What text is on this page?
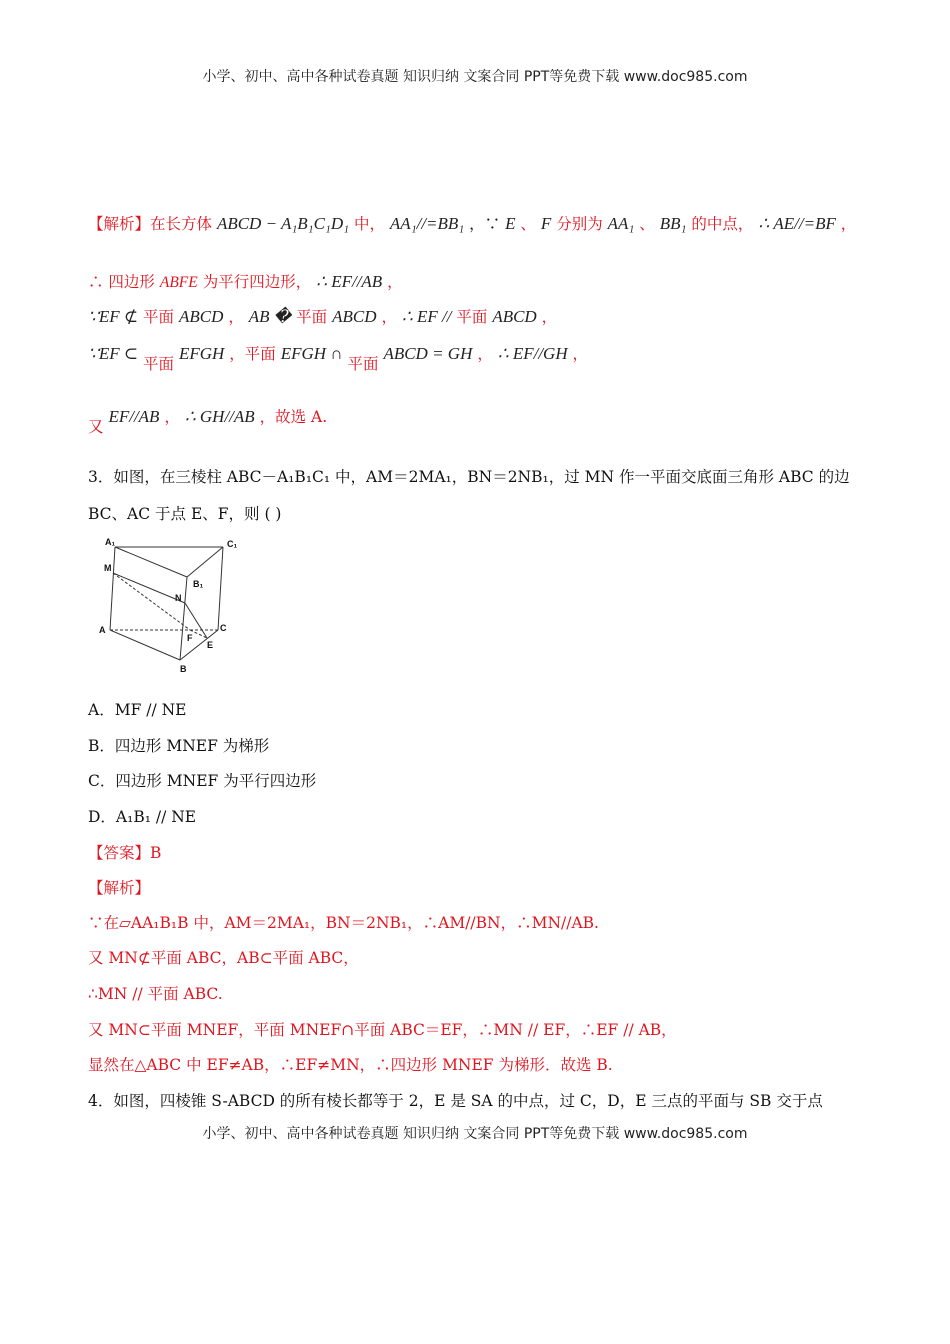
小学、初中、高中各种试卷真题 知识归纳 文案合同 PPT等免费下载 www.doc985.com
【解析】在长方体 ABCD − A₁B₁C₁D₁ 中， AA₁//=BB₁ ，∵ E 、 F 分别为 AA₁ 、 BB₁ 的中点， ∴ AE//=BF ，
∴ 四边形 ABFE 为平行四边形， ∴ EF//AB ，
∵EF ⊄ 平面 ABCD ， AB � 平面 ABCD ， ∴ EF // 平面 ABCD ，
∵EF ⊂ 平面 EFGH ，平面 EFGH ∩ 平面 ABCD = GH ， ∴ EF//GH ，
又 EF//AB ， ∴ GH//AB ，故选 A.
3．如图，在三棱柱 ABC－A₁B₁C₁ 中，AM＝2MA₁，BN＝2NB₁，过 MN 作一平面交底面三角形 ABC 的边
BC、AC 于点 E、F，则 ( )
A₁	C₁
M
B₁
N
A	C
F
E
B
A．MF // NE
B．四边形 MNEF 为梯形
C．四边形 MNEF 为平行四边形
D．A₁B₁ // NE
【答案】B
【解析】
∵在▱AA₁B₁B 中，AM＝2MA₁，BN＝2NB₁，∴AM//BN，∴MN//AB.
又 MN⊄平面 ABC，AB⊂平面 ABC，
∴MN // 平面 ABC.
又 MN⊂平面 MNEF，平面 MNEF∩平面 ABC＝EF，∴MN // EF，∴EF // AB，
显然在△ABC 中 EF≠AB，∴EF≠MN，∴四边形 MNEF 为梯形．故选 B.
4．如图，四棱锥 S-ABCD 的所有棱长都等于 2，E 是 SA 的中点，过 C，D，E 三点的平面与 SB 交于点
小学、初中、高中各种试卷真题 知识归纳 文案合同 PPT等免费下载 www.doc985.com
